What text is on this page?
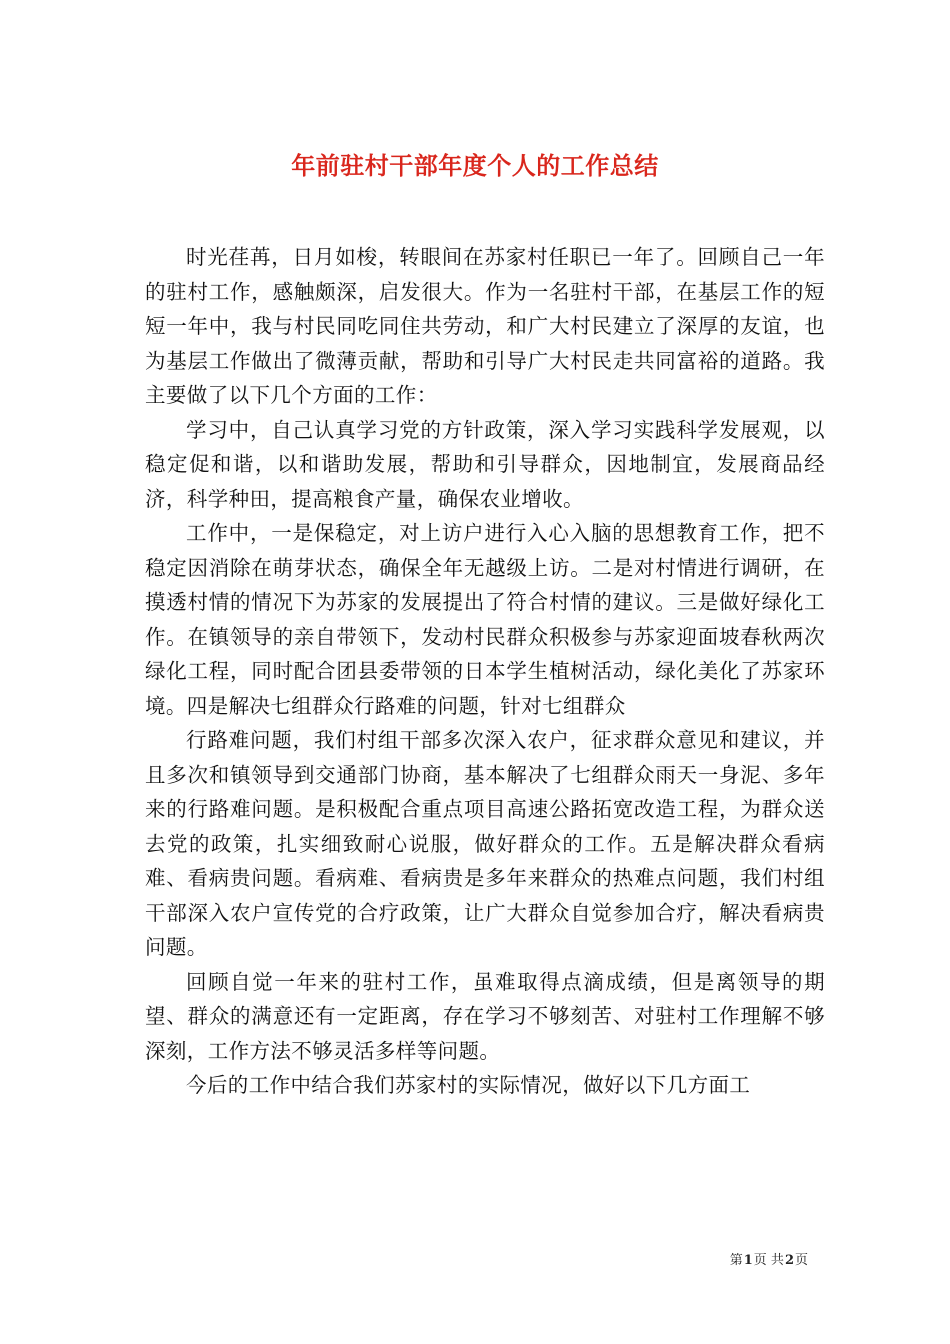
年前驻村干部年度个人的工作总结

时光荏苒，日月如梭，转眼间在苏家村任职已一年了。回顾自己一年的驻村工作，感触颇深，启发很大。作为一名驻村干部，在基层工作的短短一年中，我与村民同吃同住共劳动，和广大村民建立了深厚的友谊，也为基层工作做出了微薄贡献，帮助和引导广大村民走共同富裕的道路。我主要做了以下几个方面的工作：

学习中，自己认真学习党的方针政策，深入学习实践科学发展观，以稳定促和谐，以和谐助发展，帮助和引导群众，因地制宜，发展商品经济，科学种田，提高粮食产量，确保农业增收。

工作中，一是保稳定，对上访户进行入心入脑的思想教育工作，把不稳定因消除在萌芽状态，确保全年无越级上访。二是对村情进行调研，在摸透村情的情况下为苏家的发展提出了符合村情的建议。三是做好绿化工作。在镇领导的亲自带领下，发动村民群众积极参与苏家迎面坡春秋两次绿化工程，同时配合团县委带领的日本学生植树活动，绿化美化了苏家环境。四是解决七组群众行路难的问题，针对七组群众

行路难问题，我们村组干部多次深入农户，征求群众意见和建议，并且多次和镇领导到交通部门协商，基本解决了七组群众雨天一身泥、多年来的行路难问题。是积极配合重点项目高速公路拓宽改造工程，为群众送去党的政策，扎实细致耐心说服，做好群众的工作。五是解决群众看病难、看病贵问题。看病难、看病贵是多年来群众的热难点问题，我们村组干部深入农户宣传党的合疗政策，让广大群众自觉参加合疗，解决看病贵问题。

回顾自觉一年来的驻村工作，虽难取得点滴成绩，但是离领导的期望、群众的满意还有一定距离，存在学习不够刻苦、对驻村工作理解不够深刻，工作方法不够灵活多样等问题。

今后的工作中结合我们苏家村的实际情况，做好以下几方面工

第1页 共2页
